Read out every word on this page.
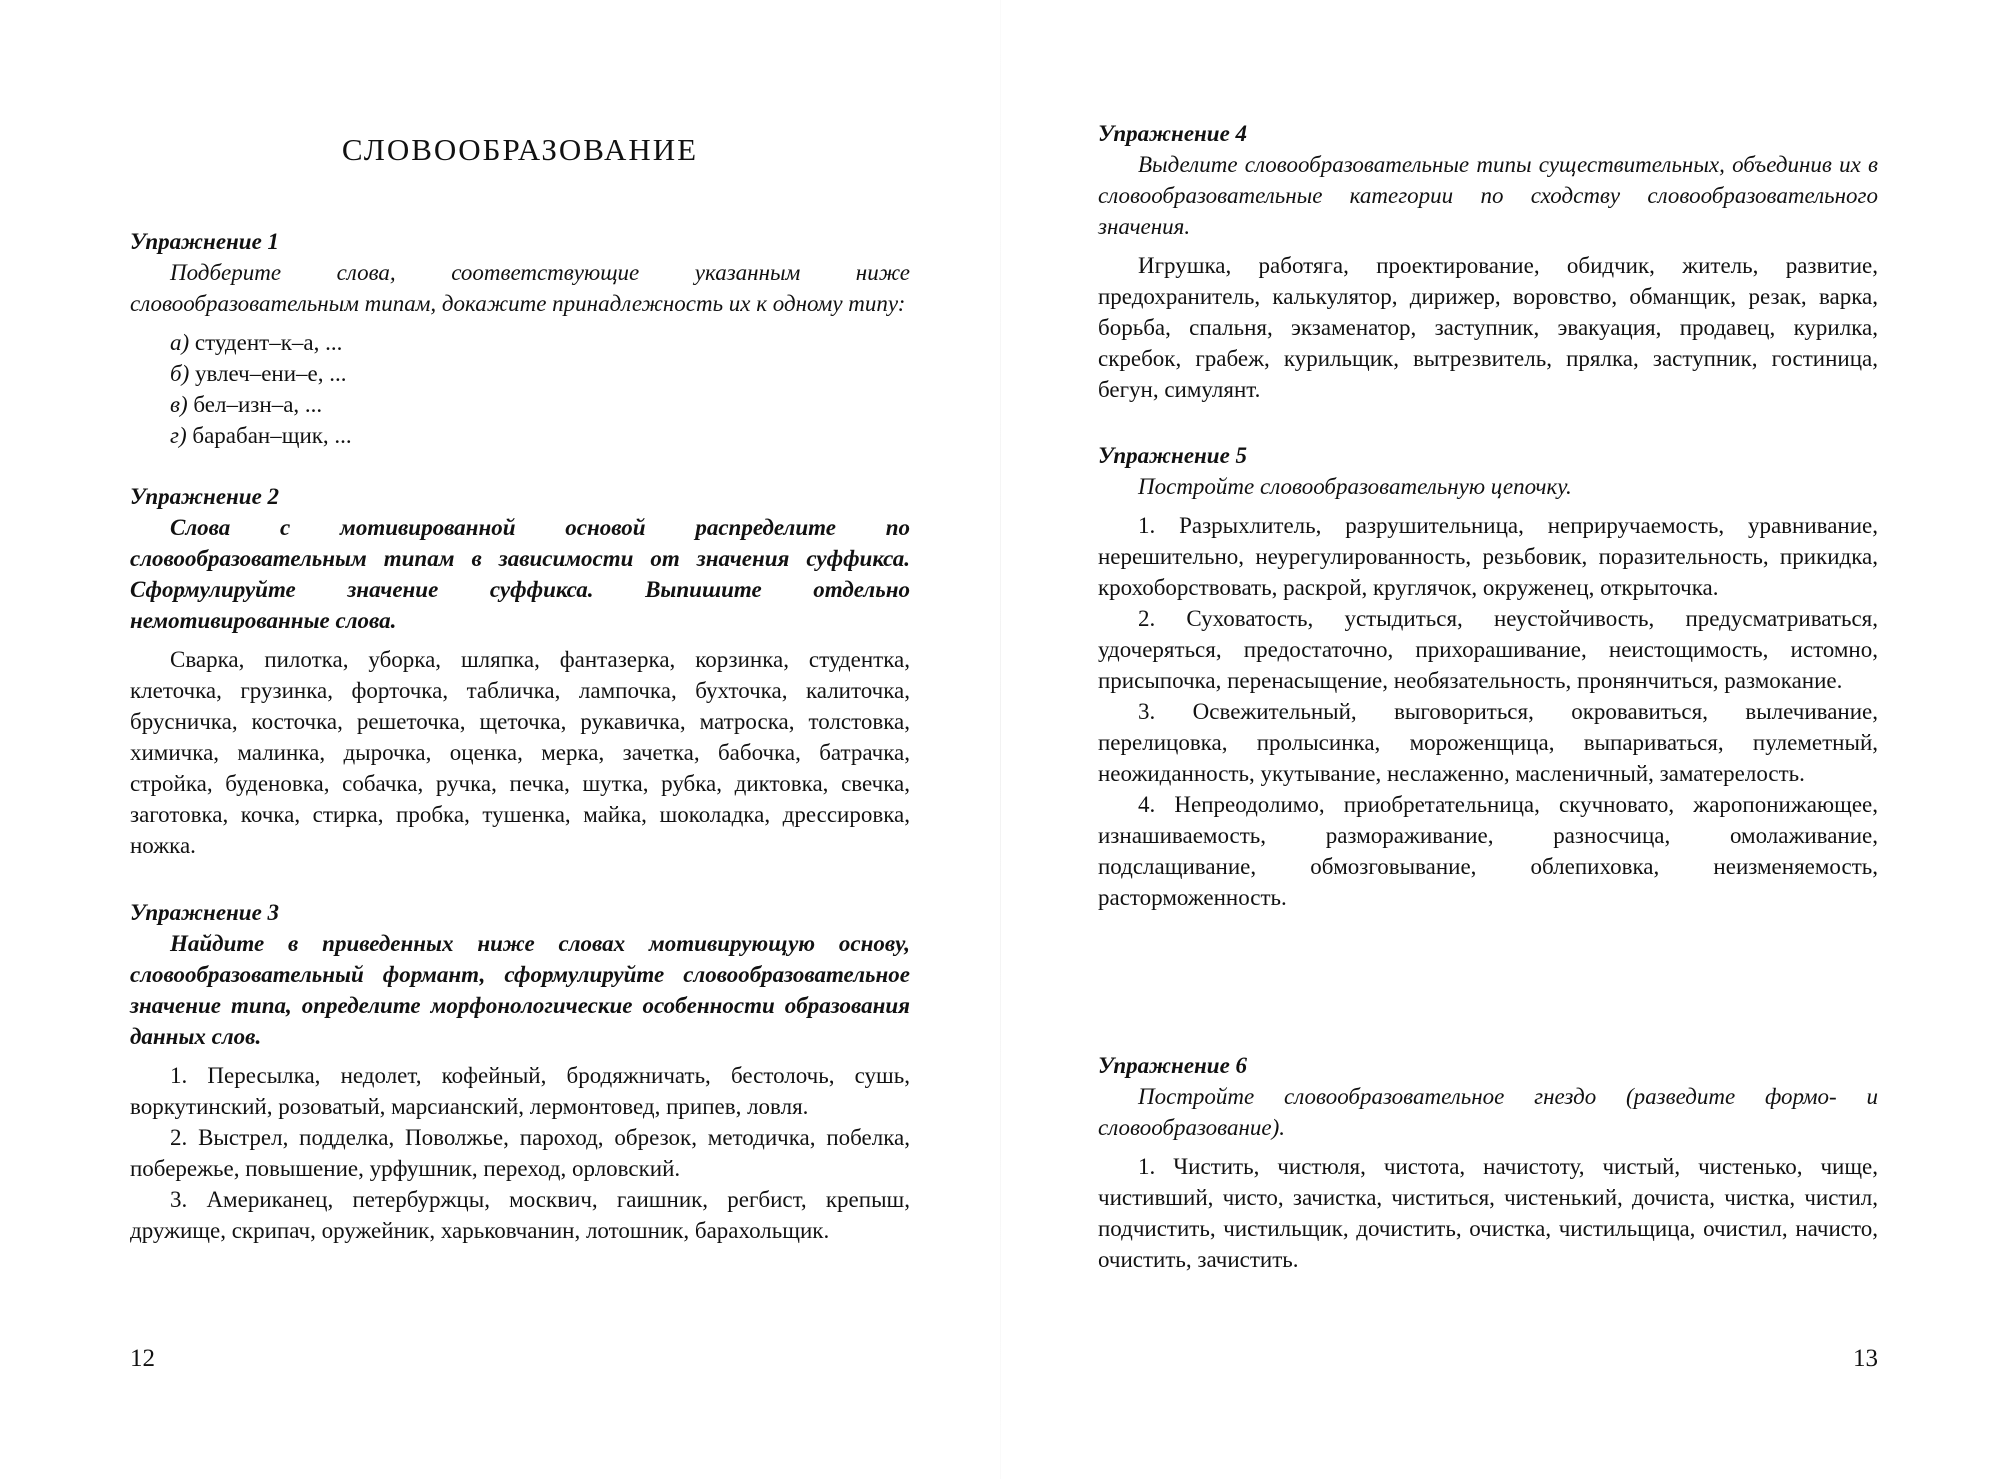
СЛОВООБРАЗОВАНИЕ

Упражнение 1

Подберите слова, соответствующие указанным ниже словообразовательным типам, докажите принадлежность их к одному типу:

а) студент–к–а, ...

б) увлеч–ени–е, ...

в) бел–изн–а, ...

г) барабан–щик, ...

Упражнение 2

Слова с мотивированной основой распределите по словообразовательным типам в зависимости от значения суффикса. Сформулируйте значение суффикса. Выпишите отдельно немотивированные слова.

Сварка, пилотка, уборка, шляпка, фантазерка, корзинка, студентка, клеточка, грузинка, форточка, табличка, лампочка, бухточка, калиточка, брусничка, косточка, решеточка, щеточка, рукавичка, матроска, толстовка, химичка, малинка, дырочка, оценка, мерка, зачетка, бабочка, батрачка, стройка, буденовка, собачка, ручка, печка, шутка, рубка, диктовка, свечка, заготовка, кочка, стирка, пробка, тушенка, майка, шоколадка, дрессировка, ножка.

Упражнение 3

Найдите в приведенных ниже словах мотивирующую основу, словообразовательный формант, сформулируйте словообразовательное значение типа, определите морфонологические особенности образования данных слов.

1. Пересылка, недолет, кофейный, бродяжничать, бестолочь, сушь, воркутинский, розоватый, марсианский, лермонтовед, припев, ловля.

2. Выстрел, подделка, Поволжье, пароход, обрезок, методичка, побелка, побережье, повышение, урфушник, переход, орловский.

3. Американец, петербуржцы, москвич, гаишник, регбист, крепыш, дружище, скрипач, оружейник, харьковчанин, лотошник, барахольщик.

12

Упражнение 4

Выделите словообразовательные типы существительных, объединив их в словообразовательные категории по сходству словообразовательного значения.

Игрушка, работяга, проектирование, обидчик, житель, развитие, предохранитель, калькулятор, дирижер, воровство, обманщик, резак, варка, борьба, спальня, экзаменатор, заступник, эвакуация, продавец, курилка, скребок, грабеж, курильщик, вытрезвитель, прялка, заступник, гостиница, бегун, симулянт.

Упражнение 5

Постройте словообразовательную цепочку.

1. Разрыхлитель, разрушительница, неприручаемость, уравнивание, нерешительно, неурегулированность, резьбовик, поразительность, прикидка, крохоборствовать, раскрой, круглячок, окруженец, открыточка.

2. Суховатость, устыдиться, неустойчивость, предусматриваться, удочеряться, предостаточно, прихорашивание, неистощимость, истомно, присыпочка, перенасыщение, необязательность, пронянчиться, размокание.

3. Освежительный, выговориться, окровавиться, вылечивание, перелицовка, пролысинка, мороженщица, выпариваться, пулеметный, неожиданность, укутывание, неслаженно, масленичный, заматерелость.

4. Непреодолимо, приобретательница, скучновато, жаропонижающее, изнашиваемость, размораживание, разносчица, омолаживание, подслащивание, обмозговывание, облепиховка, неизменяемость, расторможенность.

Упражнение 6

Постройте словообразовательное гнездо (разведите формо- и словообразование).

1. Чистить, чистюля, чистота, начистоту, чистый, чистенько, чище, чистивший, чисто, зачистка, чиститься, чистенький, дочиста, чистка, чистил, подчистить, чистильщик, дочистить, очистка, чистильщица, очистил, начисто, очистить, зачистить.

13
